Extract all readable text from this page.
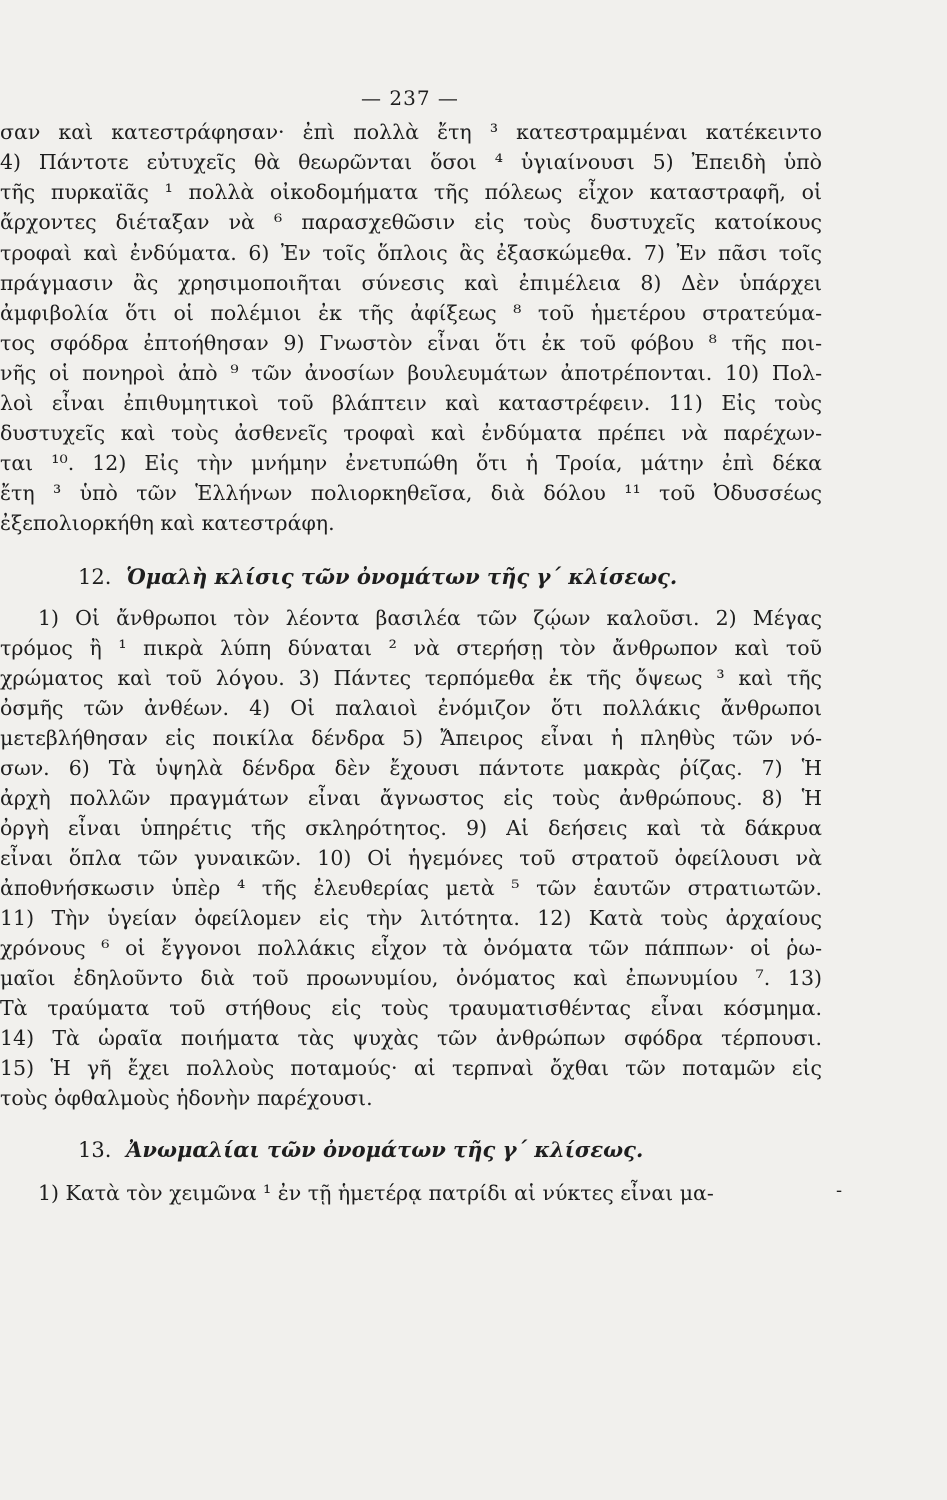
— 237 —
σαν καὶ κατεστράφησαν· ἐπὶ πολλὰ ἔτη ³ κατεστραμμέναι κατέκειντο
4) Πάντοτε εὐτυχεῖς θὰ θεωρῶνται ὅσοι ⁴ ὑγιαίνουσι 5) Ἐπειδὴ ὑπὸ
τῆς πυρκαϊᾶς ¹ πολλὰ οἰκοδομήματα τῆς πόλεως εἶχον καταστραφῆ, οἱ
ἄρχοντες διέταξαν νὰ ⁶ παρασχεθῶσιν εἰς τοὺς δυστυχεῖς κατοίκους
τροφαὶ καὶ ἐνδύματα. 6) Ἐν τοῖς ὅπλοις ἂς ἐξασκώμεθα. 7) Ἐν πᾶσι τοῖς
πράγμασιν ἂς χρησιμοποιῆται σύνεσις καὶ ἐπιμέλεια 8) Δὲν ὑπάρχει
ἀμφιβολία ὅτι οἱ πολέμιοι ἐκ τῆς ἀφίξεως ⁸ τοῦ ἡμετέρου στρατεύμα-
τος σφόδρα ἐπτοήθησαν 9) Γνωστὸν εἶναι ὅτι ἐκ τοῦ φόβου ⁸ τῆς ποι-
νῆς οἱ πονηροὶ ἀπὸ ⁹ τῶν ἀνοσίων βουλευμάτων ἀποτρέπονται. 10) Πολ-
λοὶ εἶναι ἐπιθυμητικοὶ τοῦ βλάπτειν καὶ καταστρέφειν. 11) Εἰς τοὺς
δυστυχεῖς καὶ τοὺς ἀσθενεῖς τροφαὶ καὶ ἐνδύματα πρέπει νὰ παρέχων-
ται ¹⁰. 12) Εἰς τὴν μνήμην ἐνετυπώθη ὅτι ἡ Τροία, μάτην ἐπὶ δέκα
ἔτη ³ ὑπὸ τῶν Ἑλλήνων πολιορκηθεῖσα, διὰ δόλου ¹¹ τοῦ Ὀδυσσέως
ἐξεπολιορκήθη καὶ κατεστράφη.
12. Ὁμαλὴ κλίσις τῶν ὀνομάτων τῆς γ΄ κλίσεως.
1) Οἱ ἄνθρωποι τὸν λέοντα βασιλέα τῶν ζῴων καλοῦσι. 2) Μέγας
τρόμος ἢ ¹ πικρὰ λύπη δύναται ² νὰ στερήσῃ τὸν ἄνθρωπον καὶ τοῦ
χρώματος καὶ τοῦ λόγου. 3) Πάντες τερπόμεθα ἐκ τῆς ὄψεως ³ καὶ τῆς
ὀσμῆς τῶν ἀνθέων. 4) Οἱ παλαιοὶ ἐνόμιζον ὅτι πολλάκις ἄνθρωποι
μετεβλήθησαν εἰς ποικίλα δένδρα 5) Ἄπειρος εἶναι ἡ πληθὺς τῶν νό-
σων. 6) Τὰ ὑψηλὰ δένδρα δὲν ἔχουσι πάντοτε μακρὰς ῥίζας. 7) Ἡ
ἀρχὴ πολλῶν πραγμάτων εἶναι ἄγνωστος εἰς τοὺς ἀνθρώπους. 8) Ἡ
ὀργὴ εἶναι ὑπηρέτις τῆς σκληρότητος. 9) Αἱ δεήσεις καὶ τὰ δάκρυα
εἶναι ὅπλα τῶν γυναικῶν. 10) Οἱ ἡγεμόνες τοῦ στρατοῦ ὀφείλουσι νὰ
ἀποθνήσκωσιν ὑπὲρ ⁴ τῆς ἐλευθερίας μετὰ ⁵ τῶν ἑαυτῶν στρατιωτῶν.
11) Τὴν ὑγείαν ὀφείλομεν εἰς τὴν λιτότητα. 12) Κατὰ τοὺς ἀρχαίους
χρόνους ⁶ οἱ ἔγγονοι πολλάκις εἶχον τὰ ὀνόματα τῶν πάππων· οἱ ῥω-
μαῖοι ἐδηλοῦντο διὰ τοῦ προωνυμίου, ὀνόματος καὶ ἐπωνυμίου ⁷. 13)
Τὰ τραύματα τοῦ στήθους εἰς τοὺς τραυματισθέντας εἶναι κόσμημα.
14) Τὰ ὡραῖα ποιήματα τὰς ψυχὰς τῶν ἀνθρώπων σφόδρα τέρπουσι.
15) Ἡ γῆ ἔχει πολλοὺς ποταμούς· αἱ τερπναὶ ὄχθαι τῶν ποταμῶν εἰς
τοὺς ὀφθαλμοὺς ἡδονὴν παρέχουσι.
13. Ἀνωμαλίαι τῶν ὀνομάτων τῆς γ΄ κλίσεως.
1) Κατὰ τὸν χειμῶνα ¹ ἐν τῇ ἡμετέρᾳ πατρίδι αἱ νύκτες εἶναι μα-	-
